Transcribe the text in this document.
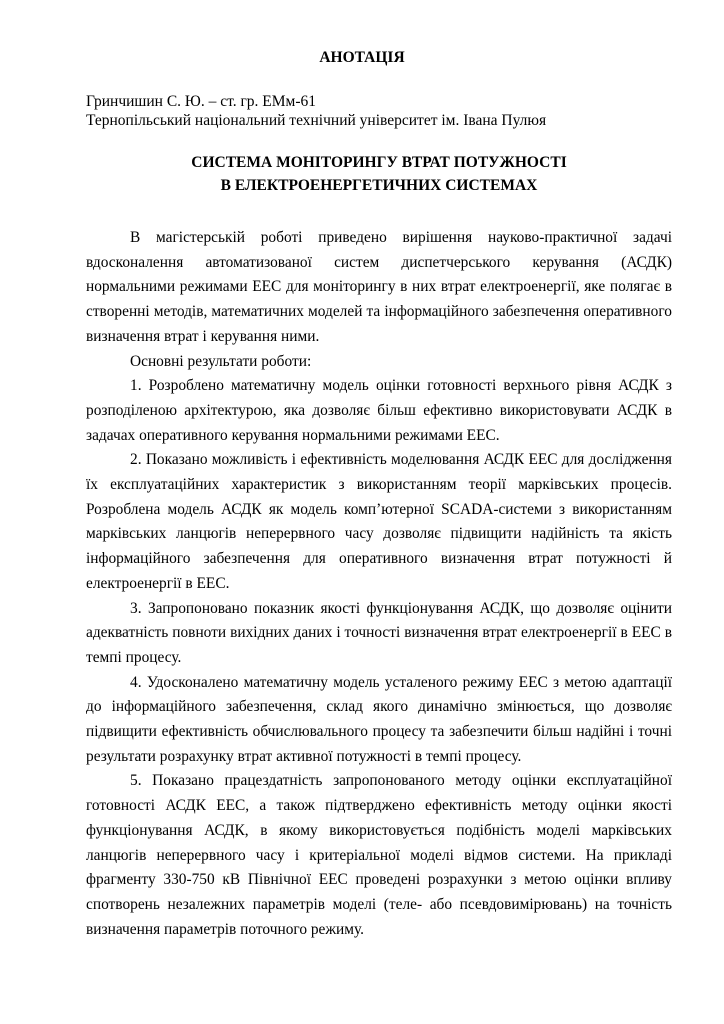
АНОТАЦІЯ
Гринчишин С. Ю. – ст. гр. ЕМм-61
Тернопільський національний технічний університет ім. Івана Пулюя
СИСТЕМА МОНІТОРИНГУ ВТРАТ ПОТУЖНОСТІ
В ЕЛЕКТРОЕНЕРГЕТИЧНИХ СИСТЕМАХ

В магістерській роботі приведено вирішення науково-практичної задачі вдосконалення автоматизованої систем диспетчерського керування (АСДК) нормальними режимами ЕЕС для моніторингу в них втрат електроенергії, яке полягає в створенні методів, математичних моделей та інформаційного забезпечення оперативного визначення втрат і керування ними.

Основні результати роботи:

1. Розроблено математичну модель оцінки готовності верхнього рівня АСДК з розподіленою архітектурою, яка дозволяє більш ефективно використовувати АСДК в задачах оперативного керування нормальними режимами ЕЕС.

2. Показано можливість і ефективність моделювання АСДК ЕЕС для дослідження їх експлуатаційних характеристик з використанням теорії марківських процесів. Розроблена модель АСДК як модель комп’ютерної SCADA-системи з використанням марківських ланцюгів неперервного часу дозволяє підвищити надійність та якість інформаційного забезпечення для оперативного визначення втрат потужності й електроенергії в ЕЕС.

3. Запропоновано показник якості функціонування АСДК, що дозволяє оцінити адекватність повноти вихідних даних і точності визначення втрат електроенергії в ЕЕС в темпі процесу.

4. Удосконалено математичну модель усталеного режиму ЕЕС з метою адаптації до інформаційного забезпечення, склад якого динамічно змінюється, що дозволяє підвищити ефективність обчислювального процесу та забезпечити більш надійні і точні результати розрахунку втрат активної потужності в темпі процесу.

5. Показано працездатність запропонованого методу оцінки експлуатаційної готовності АСДК ЕЕС, а також підтверджено ефективність методу оцінки якості функціонування АСДК, в якому використовується подібність моделі марківських ланцюгів неперервного часу і критеріальної моделі відмов системи. На прикладі фрагменту 330-750 кВ Північної ЕЕС проведені розрахунки з метою оцінки впливу спотворень незалежних параметрів моделі (теле- або псевдовимірювань) на точність визначення параметрів поточного режиму.
